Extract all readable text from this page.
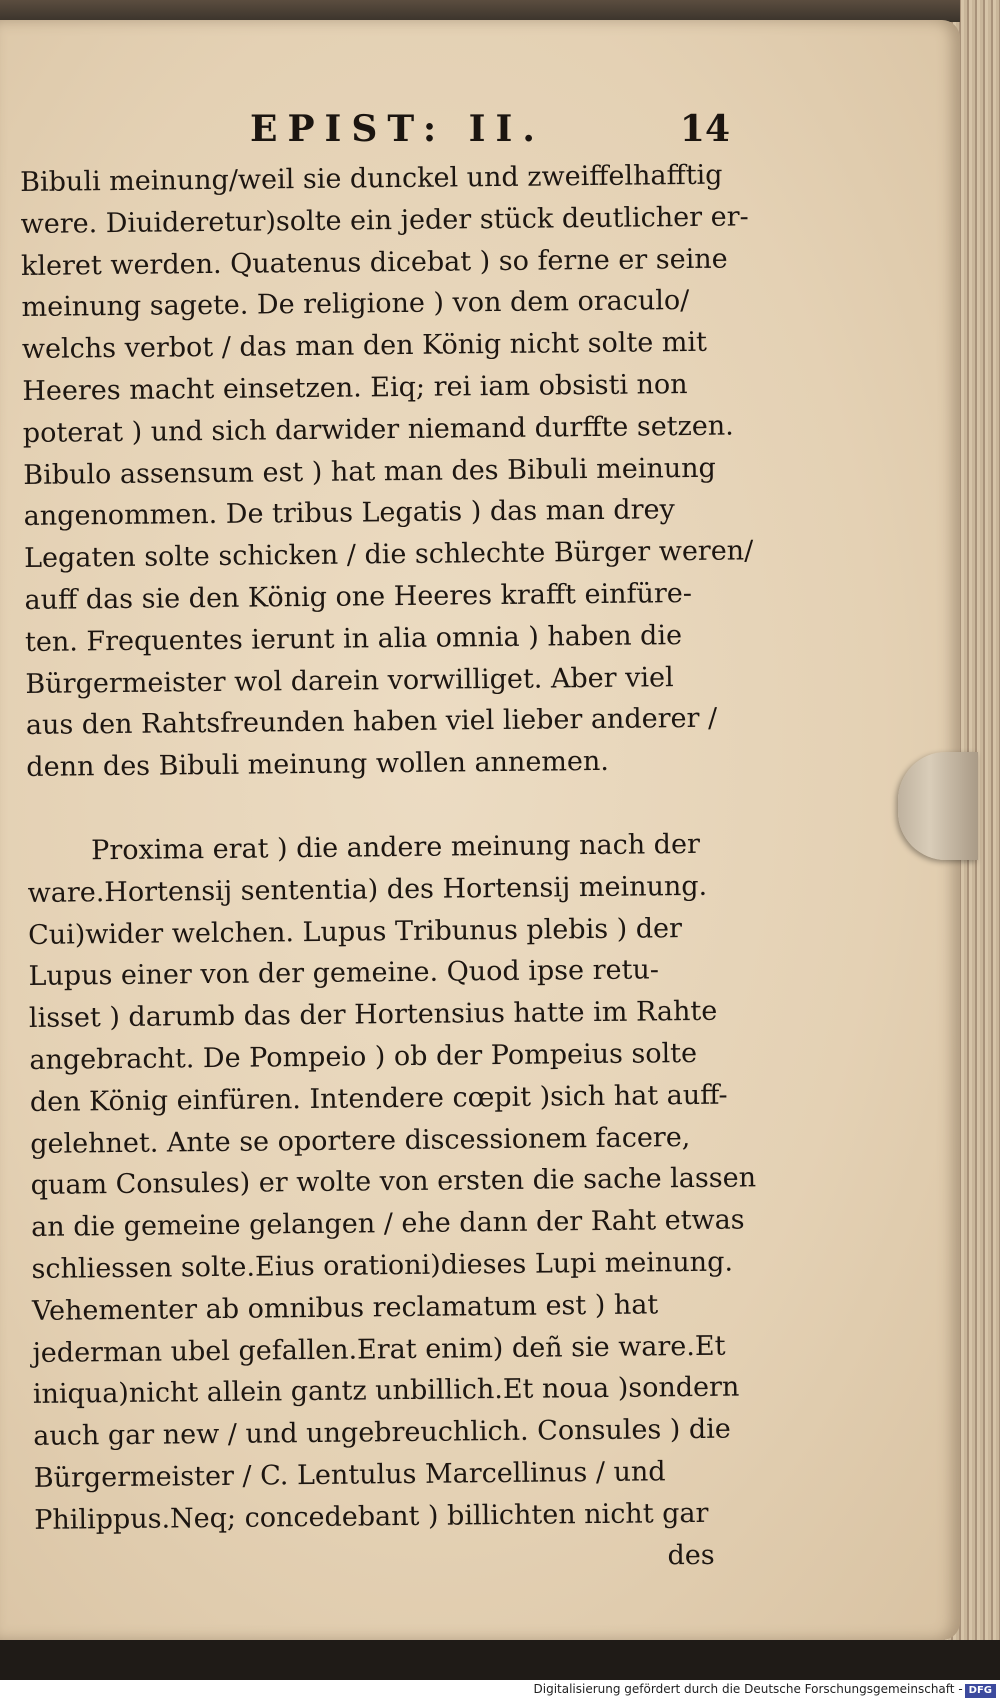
EPIST: II.	14
Bibuli meinung/weil sie dunckel und zweiffelhafftig
were. Diuideretur)solte ein jeder stück deutlicher er-
kleret werden. Quatenus dicebat ) so ferne er seine
meinung sagete. De religione ) von dem oraculo/
welchs verbot / das man den König nicht solte mit
Heeres macht einsetzen. Eiq; rei iam obsisti non
poterat ) und sich darwider niemand durffte setzen.
Bibulo assensum est ) hat man des Bibuli meinung
angenommen. De tribus Legatis ) das man drey
Legaten solte schicken / die schlechte Bürger weren/
auff das sie den König one Heeres krafft einfüre-
ten. Frequentes ierunt in alia omnia ) haben die
Bürgermeister wol darein vorwilliget. Aber viel
aus den Rahtsfreunden haben viel lieber anderer /
denn des Bibuli meinung wollen annemen.
Proxima erat ) die andere meinung nach der
ware.Hortensij sententia) des Hortensij meinung.
Cui)wider welchen. Lupus Tribunus plebis ) der
Lupus einer von der gemeine. Quod ipse retu-
lisset ) darumb das der Hortensius hatte im Rahte
angebracht. De Pompeio ) ob der Pompeius solte
den König einfüren. Intendere cœpit )sich hat auff-
gelehnet. Ante se oportere discessionem facere,
quam Consules) er wolte von ersten die sache lassen
an die gemeine gelangen / ehe dann der Raht etwas
schliessen solte.Eius orationi)dieses Lupi meinung.
Vehementer ab omnibus reclamatum est ) hat
jederman ubel gefallen.Erat enim) deñ sie ware.Et
iniqua)nicht allein gantz unbillich.Et noua )sondern
auch gar new / und ungebreuchlich. Consules ) die
Bürgermeister / C. Lentulus Marcellinus / und
Philippus.Neq; concedebant ) billichten nicht gar
des
Digitalisierung gefördert durch die Deutsche Forschungsgemeinschaft - DFG
